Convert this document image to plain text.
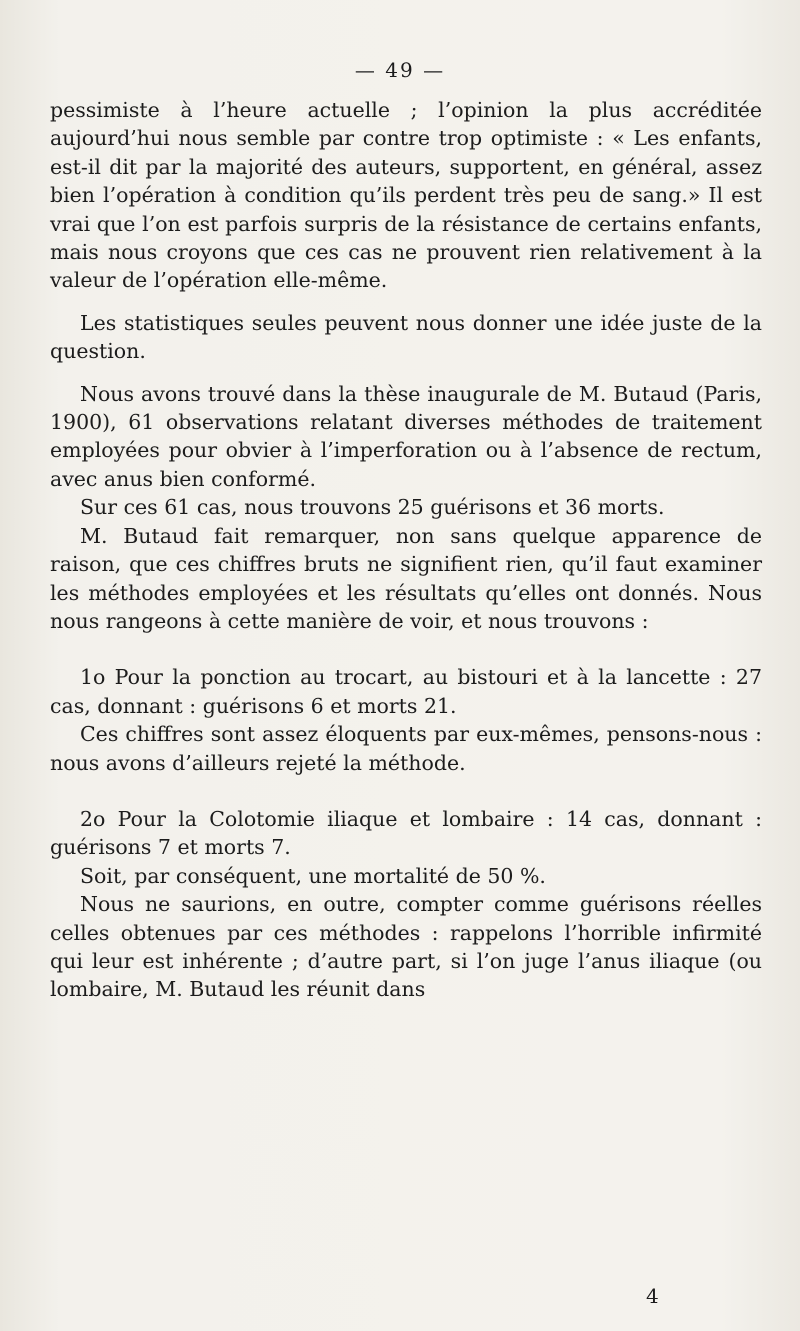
— 49 —

pessimiste à l’heure actuelle ; l’opinion la plus accréditée aujourd’hui nous semble par contre trop optimiste : « Les enfants, est-il dit par la majorité des auteurs, supportent, en général, assez bien l’opération à condition qu’ils perdent très peu de sang.» Il est vrai que l’on est parfois surpris de la résistance de certains enfants, mais nous croyons que ces cas ne prouvent rien relativement à la valeur de l’opération elle-même.

Les statistiques seules peuvent nous donner une idée juste de la question.

Nous avons trouvé dans la thèse inaugurale de M. Butaud (Paris, 1900), 61 observations relatant diverses méthodes de traitement employées pour obvier à l’imperforation ou à l’absence de rectum, avec anus bien conformé.

Sur ces 61 cas, nous trouvons 25 guérisons et 36 morts.

M. Butaud fait remarquer, non sans quelque apparence de raison, que ces chiffres bruts ne signifient rien, qu’il faut examiner les méthodes employées et les résultats qu’elles ont donnés. Nous nous rangeons à cette manière de voir, et nous trouvons :

1o Pour la ponction au trocart, au bistouri et à la lancette : 27 cas, donnant : guérisons 6 et morts 21.

Ces chiffres sont assez éloquents par eux-mêmes, pensons-nous : nous avons d’ailleurs rejeté la méthode.

2o Pour la Colotomie iliaque et lombaire : 14 cas, donnant : guérisons 7 et morts 7.

Soit, par conséquent, une mortalité de 50 %.

Nous ne saurions, en outre, compter comme guérisons réelles celles obtenues par ces méthodes : rappelons l’horrible infirmité qui leur est inhérente ; d’autre part, si l’on juge l’anus iliaque (ou lombaire, M. Butaud les réunit dans

4
